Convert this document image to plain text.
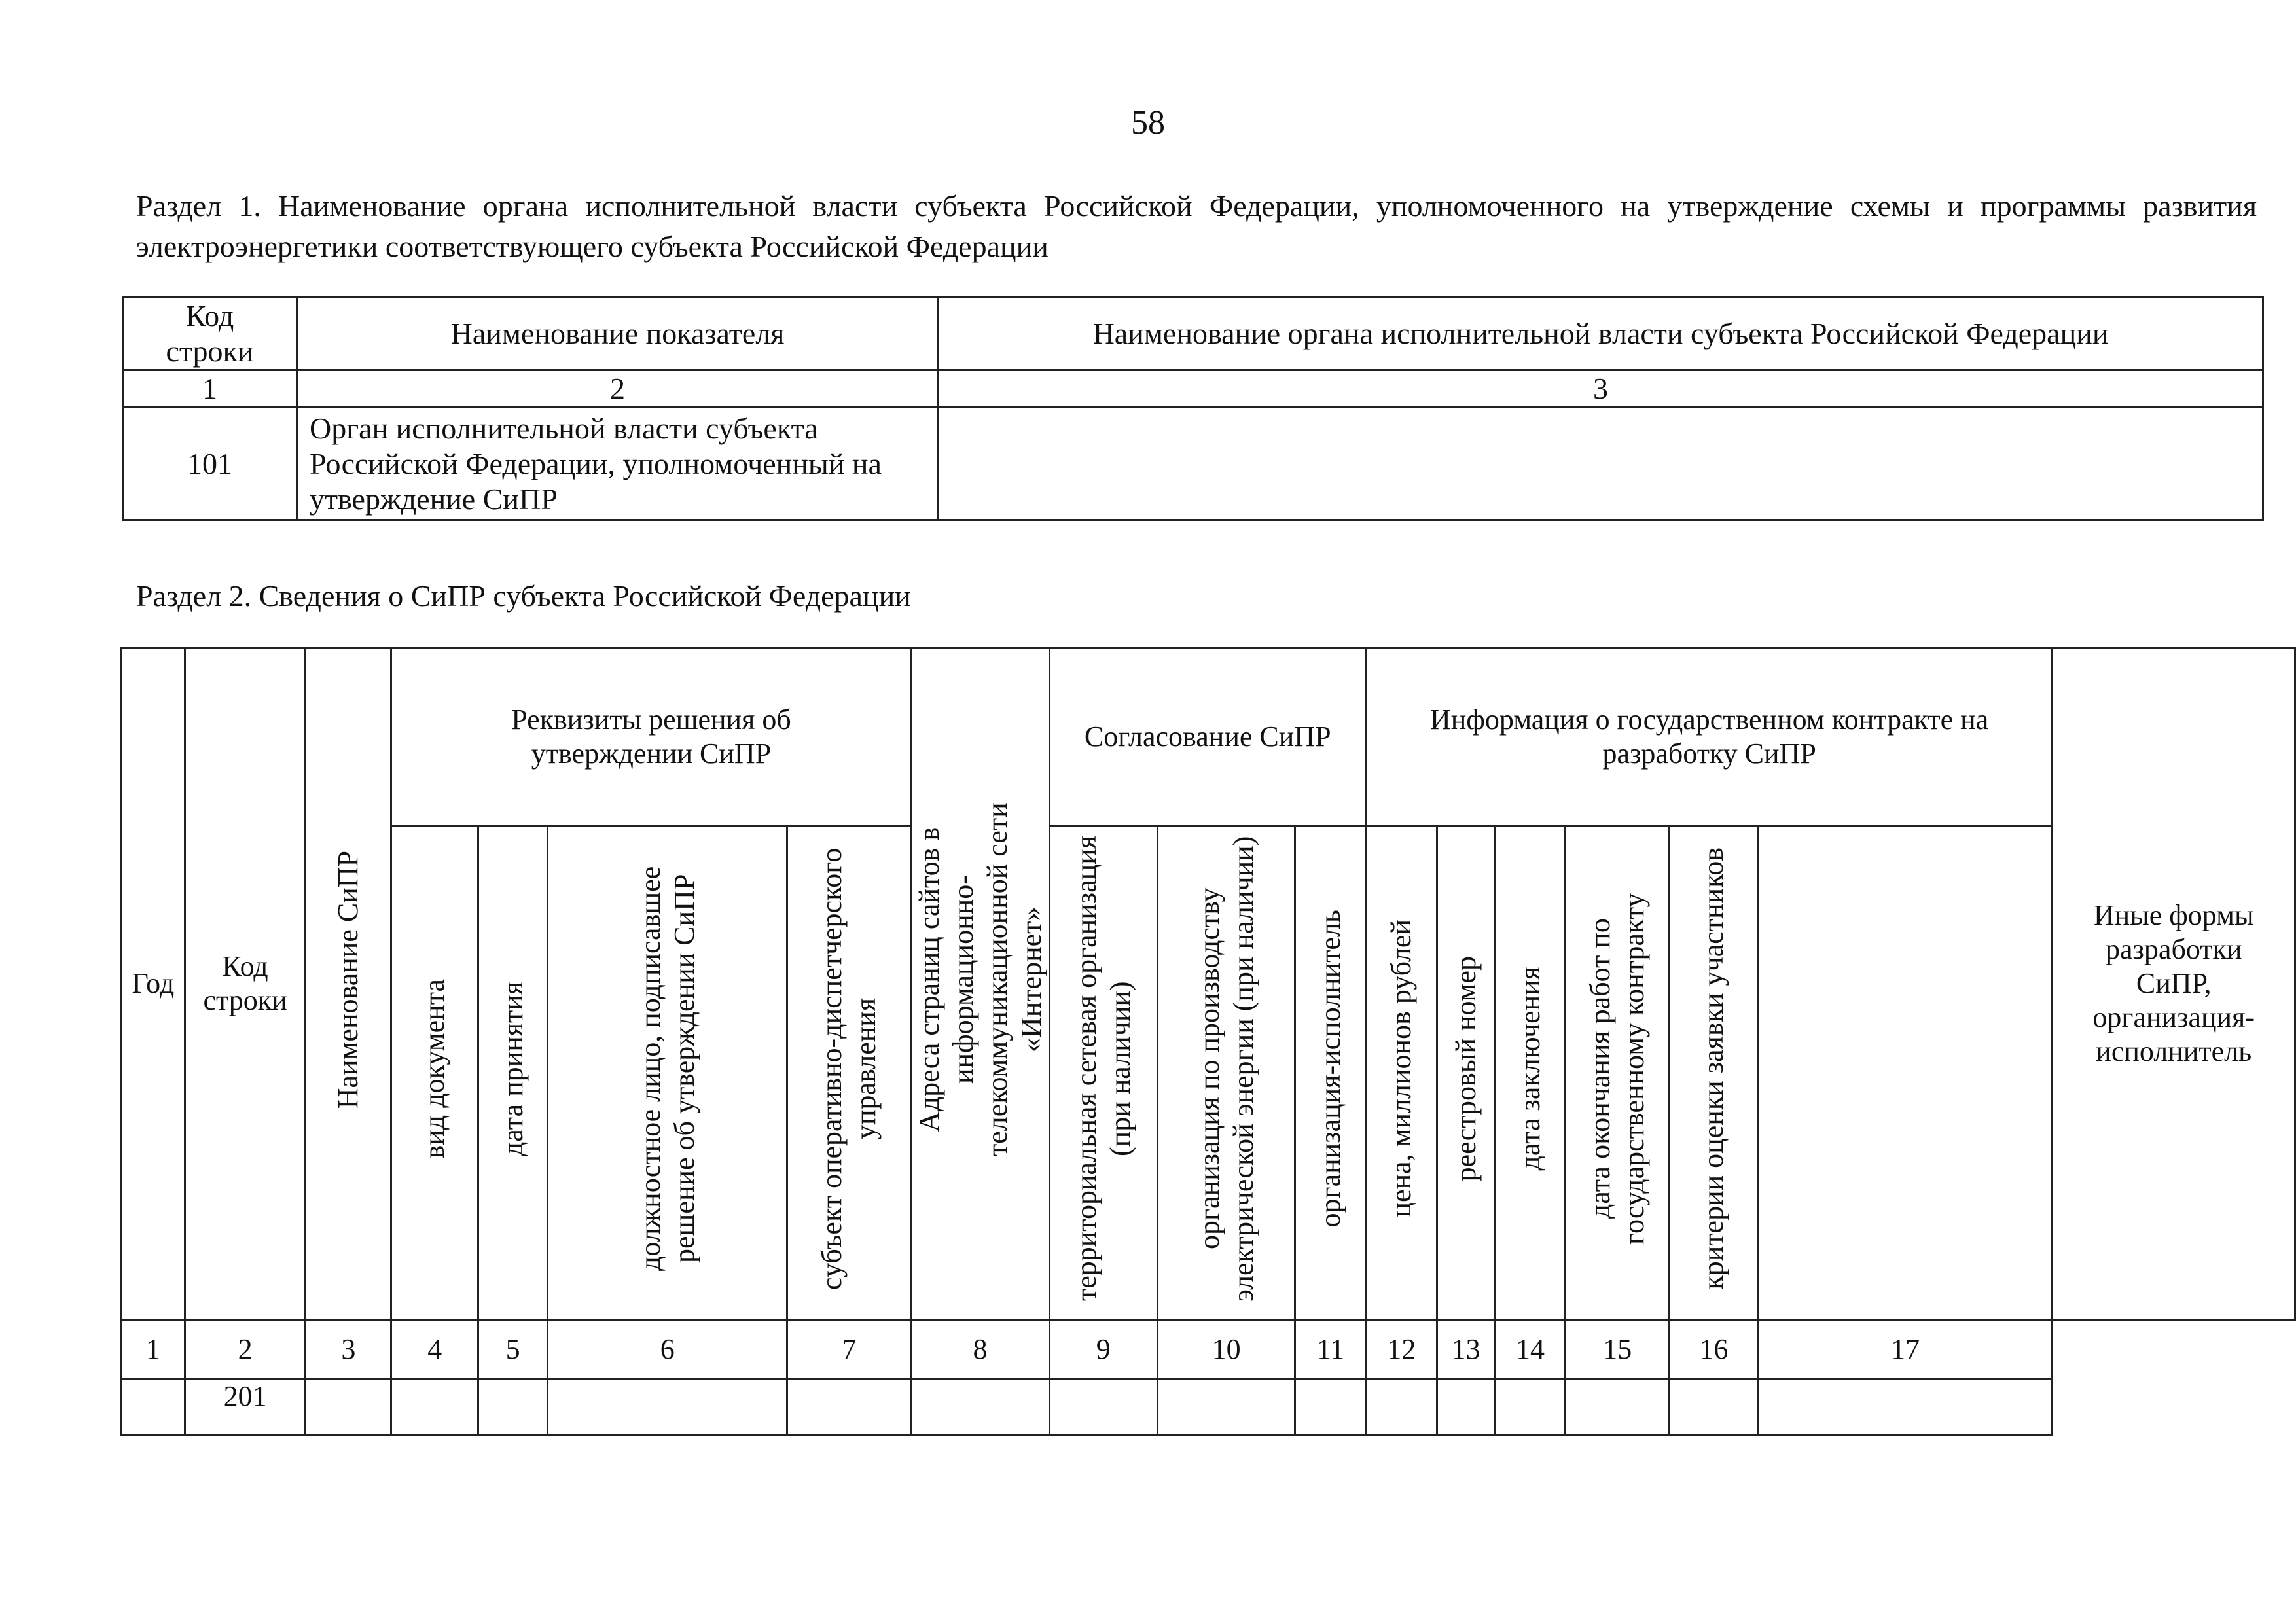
58
Раздел 1. Наименование органа исполнительной власти субъекта Российской Федерации, уполномоченного на утверждение схемы и программы развития электроэнергетики соответствующего субъекта Российской Федерации
Код строки	Наименование показателя	Наименование органа исполнительной власти субъекта Российской Федерации
1	2	3
101	Орган исполнительной власти субъекта Российской Федерации, уполномоченный на утверждение СиПР	
Раздел 2. Сведения о СиПР субъекта Российской Федерации
Год	Код строки	Наименование СиПР	Реквизиты решения об утверждении СиПР				Адреса страниц сайтов в информационно-телекоммуникационной сети «Интернет»	Согласование СиПР			Информация о государственном контракте на разработку СиПР						Иные формы разработки СиПР, организация-исполнитель
			вид документа	дата принятия	должностное лицо, подписавшее решение об утверждении СиПР	субъект оперативно-диспетчерского управления		территориальная сетевая организация (при наличии)	организация по производству электрической энергии (при наличии)	организация-исполнитель	цена, миллионов рублей	реестровый номер	дата заключения	дата окончания работ по государственному контракту	критерии оценки заявки участников		
1	2	3	4	5	6	7	8	9	10	11	12	13	14	15	16	17	
	201																
